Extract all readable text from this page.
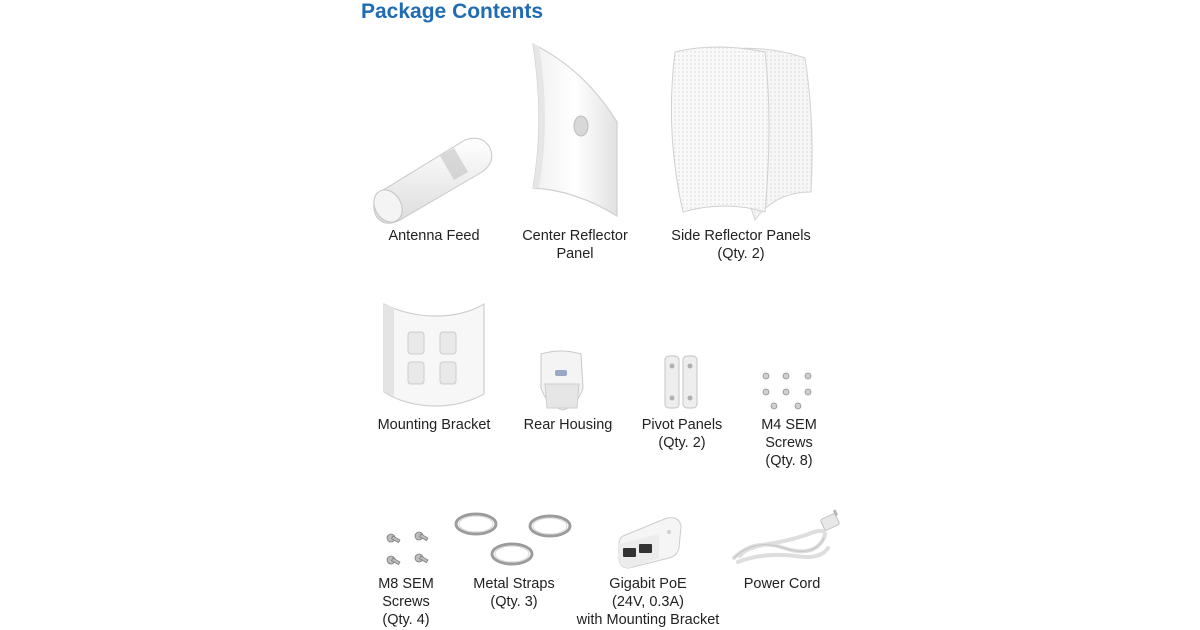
Package Contents
Antenna Feed	Center Reflector
Panel
Side Reflector Panels
(Qty. 2)
Mounting Bracket Rear Housing Pivot Panels
(Qty. 2)
M4 SEM
Screws
(Qty. 8)
M8 SEM
Screws
(Qty. 4)
Metal Straps
(Qty. 3)
Gigabit PoE
(24V, 0.3A)
with Mounting Bracket
Power Cord
